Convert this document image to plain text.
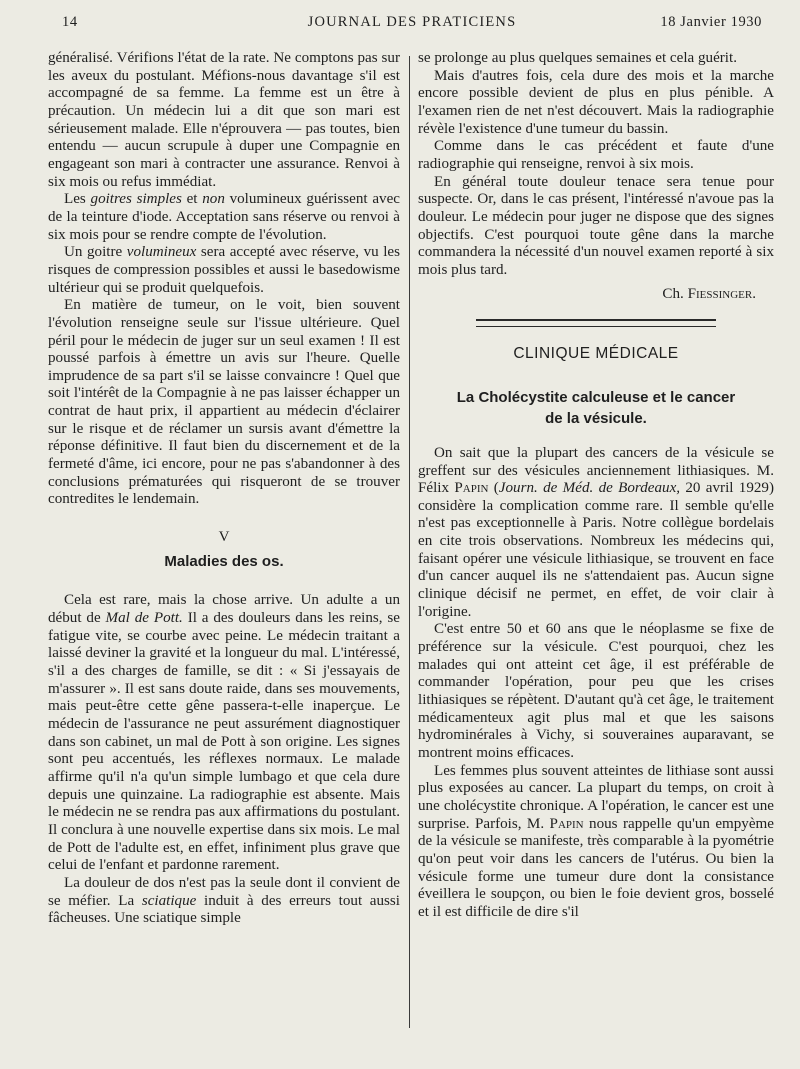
14	JOURNAL DES PRATICIENS	18 Janvier 1930

généralisé. Vérifions l'état de la rate. Ne comptons pas sur les aveux du postulant. Méfions-nous davantage s'il est accompagné de sa femme. La femme est un être à précaution. Un médecin lui a dit que son mari est sérieusement malade. Elle n'éprouvera — pas toutes, bien entendu — aucun scrupule à duper une Compagnie en engageant son mari à contracter une assurance. Renvoi à six mois ou refus immédiat.

Les goitres simples et non volumineux guérissent avec de la teinture d'iode. Acceptation sans réserve ou renvoi à six mois pour se rendre compte de l'évolution.

Un goitre volumineux sera accepté avec réserve, vu les risques de compression possibles et aussi le basedowisme ultérieur qui se produit quelquefois.

En matière de tumeur, on le voit, bien souvent l'évolution renseigne seule sur l'issue ultérieure. Quel péril pour le médecin de juger sur un seul examen ! Il est poussé parfois à émettre un avis sur l'heure. Quelle imprudence de sa part s'il se laisse convaincre ! Quel que soit l'intérêt de la Compagnie à ne pas laisser échapper un contrat de haut prix, il appartient au médecin d'éclairer sur le risque et de réclamer un sursis avant d'émettre la réponse définitive. Il faut bien du discernement et de la fermeté d'âme, ici encore, pour ne pas s'abandonner à des conclusions prématurées qui risqueront de se trouver contredites le lendemain.

V
Maladies des os.

Cela est rare, mais la chose arrive. Un adulte a un début de Mal de Pott. Il a des douleurs dans les reins, se fatigue vite, se courbe avec peine. Le médecin traitant a laissé deviner la gravité et la longueur du mal. L'intéressé, s'il a des charges de famille, se dit : « Si j'essayais de m'assurer ». Il est sans doute raide, dans ses mouvements, mais peut-être cette gêne passera-t-elle inaperçue. Le médecin de l'assurance ne peut assurément diagnostiquer dans son cabinet, un mal de Pott à son origine. Les signes sont peu accentués, les réflexes normaux. Le malade affirme qu'il n'a qu'un simple lumbago et que cela dure depuis une quinzaine. La radiographie est absente. Mais le médecin ne se rendra pas aux affirmations du postulant. Il conclura à une nouvelle expertise dans six mois. Le mal de Pott de l'adulte est, en effet, infiniment plus grave que celui de l'enfant et pardonne rarement.

La douleur de dos n'est pas la seule dont il convient de se méfier. La sciatique induit à des erreurs tout aussi fâcheuses. Une sciatique simple

se prolonge au plus quelques semaines et cela guérit.

Mais d'autres fois, cela dure des mois et la marche encore possible devient de plus en plus pénible. A l'examen rien de net n'est découvert. Mais la radiographie révèle l'existence d'une tumeur du bassin.

Comme dans le cas précédent et faute d'une radiographie qui renseigne, renvoi à six mois.

En général toute douleur tenace sera tenue pour suspecte. Or, dans le cas présent, l'intéressé n'avoue pas la douleur. Le médecin pour juger ne dispose que des signes objectifs. C'est pourquoi toute gêne dans la marche commandera la nécessité d'un nouvel examen reporté à six mois plus tard.

Ch. Fiessinger.
CLINIQUE MÉDICALE
La Cholécystite calculeuse et le cancer
de la vésicule.

On sait que la plupart des cancers de la vésicule se greffent sur des vésicules anciennement lithiasiques. M. Félix Papin (Journ. de Méd. de Bordeaux, 20 avril 1929) considère la complication comme rare. Il semble qu'elle n'est pas exceptionnelle à Paris. Notre collègue bordelais en cite trois observations. Nombreux les médecins qui, faisant opérer une vésicule lithiasique, se trouvent en face d'un cancer auquel ils ne s'attendaient pas. Aucun signe clinique décisif ne permet, en effet, de voir clair à l'origine.

C'est entre 50 et 60 ans que le néoplasme se fixe de préférence sur la vésicule. C'est pourquoi, chez les malades qui ont atteint cet âge, il est préférable de commander l'opération, pour peu que les crises lithiasiques se répètent. D'autant qu'à cet âge, le traitement médicamenteux agit plus mal et que les saisons hydrominérales à Vichy, si souveraines auparavant, se montrent moins efficaces.

Les femmes plus souvent atteintes de lithiase sont aussi plus exposées au cancer. La plupart du temps, on croit à une cholécystite chronique. A l'opération, le cancer est une surprise. Parfois, M. Papin nous rappelle qu'un empyème de la vésicule se manifeste, très comparable à la pyométrie qu'on peut voir dans les cancers de l'utérus. Ou bien la vésicule forme une tumeur dure dont la consistance éveillera le soupçon, ou bien le foie devient gros, bosselé et il est difficile de dire s'il
